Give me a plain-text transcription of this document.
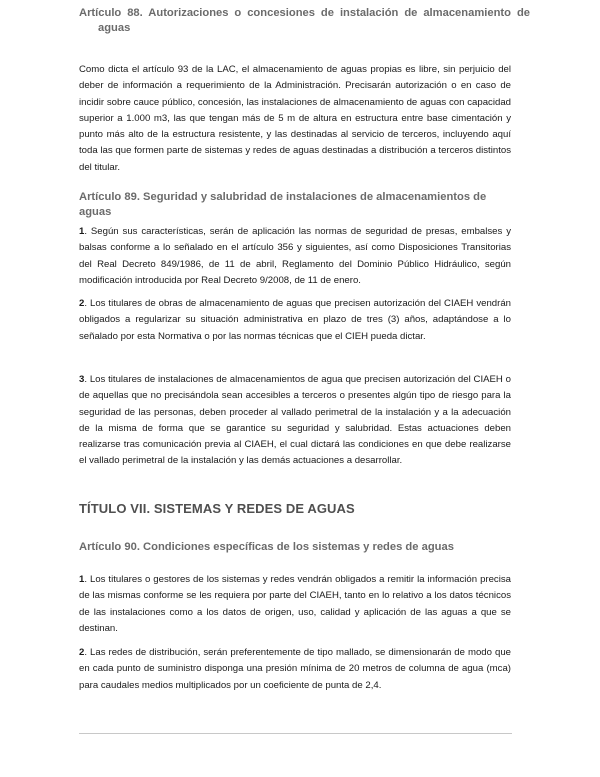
Artículo 88. Autorizaciones o concesiones de instalación de almacenamiento de aguas
Como dicta el artículo 93 de la LAC, el almacenamiento de aguas propias es libre, sin perjuicio del deber de información a requerimiento de la Administración. Precisarán autorización o en caso de incidir sobre cauce público, concesión, las instalaciones de almacenamiento de aguas con capacidad superior a 1.000 m3, las que tengan más de 5 m de altura en estructura entre base cimentación y punto más alto de la estructura resistente, y las destinadas al servicio de terceros, incluyendo aquí toda las que formen parte de sistemas y redes de aguas destinadas a distribución a terceros distintos del titular.
Artículo 89. Seguridad y salubridad de instalaciones de almacenamientos de aguas
1. Según sus características, serán de aplicación las normas de seguridad de presas, embalses y balsas conforme a lo señalado en el artículo 356 y siguientes, así como Disposiciones Transitorias del Real Decreto 849/1986, de 11 de abril, Reglamento del Dominio Público Hidráulico, según modificación introducida por Real Decreto 9/2008, de 11 de enero.
2. Los titulares de obras de almacenamiento de aguas que precisen autorización del CIAEH vendrán obligados a regularizar su situación administrativa en plazo de tres (3) años, adaptándose a lo señalado por esta Normativa o por las normas técnicas que el CIEH pueda dictar.
3. Los titulares de instalaciones de almacenamientos de agua que precisen autorización del CIAEH o de aquellas que no precisándola sean accesibles a terceros o presentes algún tipo de riesgo para la seguridad de las personas, deben proceder al vallado perimetral de la instalación y a la adecuación de la misma de forma que se garantice su seguridad y salubridad. Estas actuaciones deben realizarse tras comunicación previa al CIAEH, el cual dictará las condiciones en que debe realizarse el vallado perimetral de la instalación y las demás actuaciones a desarrollar.
TÍTULO VII. SISTEMAS Y REDES DE AGUAS
Artículo 90. Condiciones específicas de los sistemas y redes de aguas
1. Los titulares o gestores de los sistemas y redes vendrán obligados a remitir la información precisa de las mismas conforme se les requiera por parte del CIAEH, tanto en lo relativo a los datos técnicos de las instalaciones como a los datos de origen, uso, calidad y aplicación de las aguas a que se destinan.
2. Las redes de distribución, serán preferentemente de tipo mallado, se dimensionarán de modo que en cada punto de suministro disponga una presión mínima de 20 metros de columna de agua (mca) para caudales medios multiplicados por un coeficiente de punta de 2,4.
